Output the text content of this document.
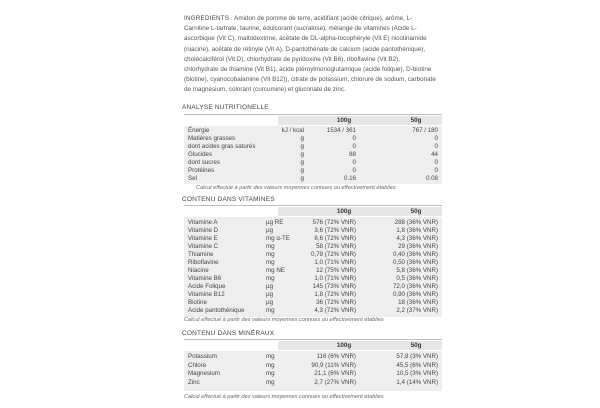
INGREDIENTS Amidon de pomme de terre, acidifiant (acide citrique), arôme, L- Carnitine L-tartrate, taurine, édulcorant (sucralose), mélange de vitamines (Acide L- ascorbique (Vit C), maltodextrine, acétate de DL-alpha-tocophéryle (Vit E) nicotinamide (niacine), acétate de rétinyle (Vit A), D-pantothénate de calcium (acide pantothénique), cholécalciférol (Vit D), chlorhydrate de pyridoxine (Vit B6), riboflavine (Vit B2), chlorhydrate de thiamine (Vit B1), acide ptéroylmonoglutamique (acide folique), D-biotine (biotine), cyanocobalamine (Vit B12)), citrate de potassium, chlorure de sodium, carbonate de magnésium, colorant (curcumine) et gluconate de zinc.
ANALYSE NUTRITIONELLE
100g	50g
Énergie	kJ / kcal	1534 / 361	767 / 180
Matières grasses	g	0	0
dont acides gras saturés	g	0	0
Glucides	g	88	44
dont sucres	g	0	0
Protéines	g	0	0
Sel	g	0.16	0.08
Calcul effectué à partir des valeurs moyennes connues ou effectivement établies
CONTENU DANS VITAMINES
100g	50g
Vitamine A	µg RE	576 (72% VNR)	288 (36% VNR)
Vitamine D	µg	3,6 (72% VNR)	1,8 (36% VNR)
Vitamine E	mg α-TE	8,6 (72% VNR)	4,3 (36% VNR)
Vitamine C	mg	58 (72% VNR)	29 (36% VNR)
Thiamine	mg	0,79 (72% VNR)	0,40 (36% VNR)
Riboflavine	mg	1,0 (71% VNR)	0,50 (36% VNR)
Niacine	mg NE	12 (75% VNR)	5,8 (36% VNR)
Vitamine B6	mg	1,0 (71% VNR)	0,5 (36% VNR)
Acide Folique	µg	145 (73% VNR)	72,0 (36% VNR)
Vitamine B12	µg	1,8 (72% VNR)	0,90 (36% VNR)
Biotine	µg	36 (72% VNR)	18 (36% VNR)
Acide pantothénique	mg	4,3 (72% VNR)	2,2 (37% VNR)
Calcul effectué à partir des valeurs moyennes connues ou effectivement établies
CONTENU DANS MINÉRAUX
100g	50g
Potassium	mg	116 (6% VNR)	57,8 (3% VNR)
Chlore	mg	90,9 (11% VNR)	45,5 (6% VNR)
Magnesium	mg	21,1 (6% VNR)	10,5 (3% VNR)
Zinc	mg	2,7 (27% VNR)	1,4 (14% VNR)
Calcul effectué à partir des valeurs moyennes connues ou effectivement établies
